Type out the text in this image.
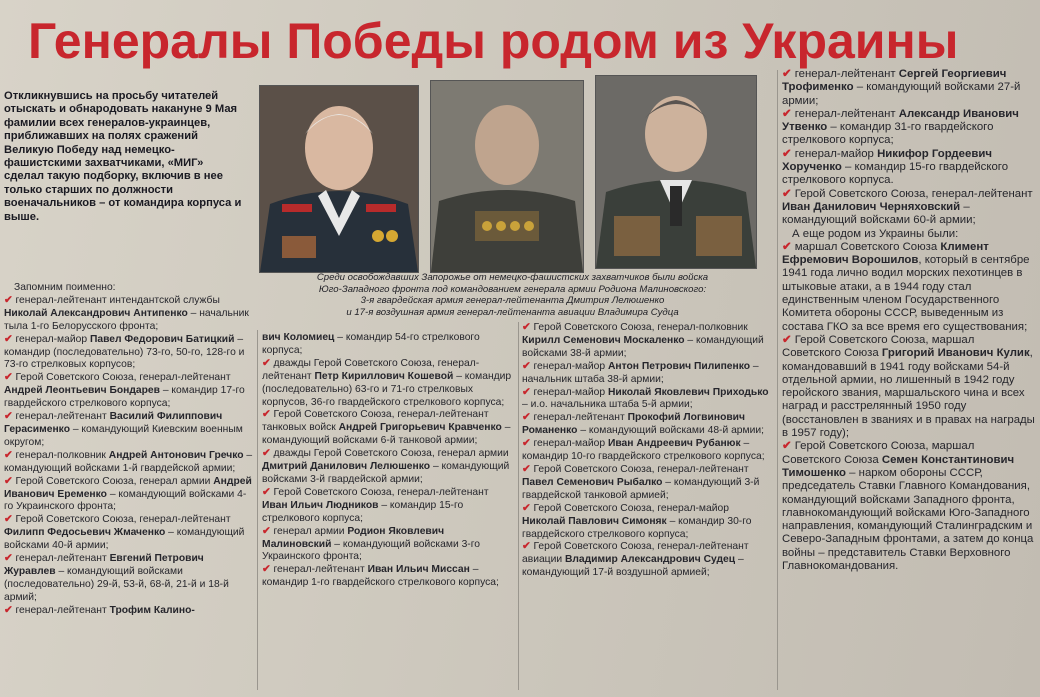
Генералы Победы родом из Украины
Откликнувшись на просьбу читателей отыскать и обнародовать накануне 9 Мая фамилии всех генералов-украинцев, приближавших на полях сражений Великую Победу над немецко-фашистскими захватчиками, «МИГ» сделал такую подборку, включив в нее только старших по должности военачальников – от командира корпуса и выше.
Среди освобождавших Запорожье от немецко-фашистских захватчиков были войска
Юго-Западного фронта под командованием генерала армии Родиона Малиновского:
3-я гвардейская армия генерал-лейтенанта Дмитрия Лелюшенко
и 17-я воздушная армия генерал-лейтенанта авиации Владимира Судца

Запомним поименно:

✔ генерал-лейтенант интендантской службы Николай Александрович Антипенко – начальник тыла 1-го Белорусского фронта;

✔ генерал-майор Павел Федорович Батицкий – командир (последовательно) 73-го, 50-го, 128-го и 73-го стрелковых корпусов;

✔ Герой Советского Союза, генерал-лейтенант Андрей Леонтьевич Бондарев – командир 17-го гвардейского стрелкового корпуса;

✔ генерал-лейтенант Василий Филиппович Герасименко – командующий Киевским военным округом;

✔ генерал-полковник Андрей Антонович Гречко – командующий войсками 1-й гвардейской армии;

✔ Герой Советского Союза, генерал армии Андрей Иванович Еременко – командующий войсками 4-го Украинского фронта;

✔ Герой Советского Союза, генерал-лейтенант Филипп Федосьевич Жмаченко – командующий войсками 40-й армии;

✔ генерал-лейтенант Евгений Петрович Журавлев – командующий войсками (последовательно) 29-й, 53-й, 68-й, 21-й и 18-й армий;

✔ генерал-лейтенант Трофим Калино-

вич Коломиец – командир 54-го стрелкового корпуса;

✔ дважды Герой Советского Союза, генерал-лейтенант Петр Кириллович Кошевой – командир (последовательно) 63-го и 71-го стрелковых корпусов, 36-го гвардейского стрелкового корпуса;

✔ Герой Советского Союза, генерал-лейтенант танковых войск Андрей Григорьевич Кравченко – командующий войсками 6-й танковой армии;

✔ дважды Герой Советского Союза, генерал армии Дмитрий Данилович Лелюшенко – командующий войсками 3-й гвардейской армии;

✔ Герой Советского Союза, генерал-лейтенант Иван Ильич Людников – командир 15-го стрелкового корпуса;

✔ генерал армии Родион Яковлевич Малиновский – командующий войсками 3-го Украинского фронта;

✔ генерал-лейтенант Иван Ильич Миссан – командир 1-го гвардейского стрелкового корпуса;

✔ Герой Советского Союза, генерал-полковник Кирилл Семенович Москаленко – командующий войсками 38-й армии;

✔ генерал-майор Антон Петрович Пилипенко – начальник штаба 38-й армии;

✔ генерал-майор Николай Яковлевич Приходько – и.о. начальника штаба 5-й армии;

✔ генерал-лейтенант Прокофий Логвинович Романенко – командующий войсками 48-й армии;

✔ генерал-майор Иван Андреевич Рубанюк – командир 10-го гвардейского стрелкового корпуса;

✔ Герой Советского Союза, генерал-лейтенант Павел Семенович Рыбалко – командующий 3-й гвардейской танковой армией;

✔ Герой Советского Союза, генерал-майор Николай Павлович Симоняк – командир 30-го гвардейского стрелкового корпуса;

✔ Герой Советского Союза, генерал-лейтенант авиации Владимир Александрович Судец – командующий 17-й воздушной армией;

✔ генерал-лейтенант Сергей Георгиевич Трофименко – командующий войсками 27-й армии;

✔ генерал-лейтенант Александр Иванович Утвенко – командир 31-го гвардейского стрелкового корпуса;

✔ генерал-майор Никифор Гордеевич Хорученко – командир 15-го гвардейского стрелкового корпуса.

✔ Герой Советского Союза, генерал-лейтенант Иван Данилович Черняховский – командующий войсками 60-й армии;

А еще родом из Украины были:

✔ маршал Советского Союза Климент Ефремович Ворошилов, который в сентябре 1941 года лично водил морских пехотинцев в штыковые атаки, а в 1944 году стал единственным членом Государственного Комитета обороны СССР, выведенным из состава ГКО за все время его существования;

✔ Герой Советского Союза, маршал Советского Союза Григорий Иванович Кулик, командовавший в 1941 году войсками 54-й отдельной армии, но лишенный в 1942 году геройского звания, маршальского чина и всех наград и расстрелянный 1950 году (восстановлен в званиях и в правах на награды в 1957 году);

✔ Герой Советского Союза, маршал Советского Союза Семен Константинович Тимошенко – нарком обороны СССР, председатель Ставки Главного Командования, командующий войсками Западного фронта, главнокомандующий войсками Юго-Западного направления, командующий Сталинградским и Северо-Западным фронтами, а затем до конца войны – представитель Ставки Верховного Главнокомандования.
